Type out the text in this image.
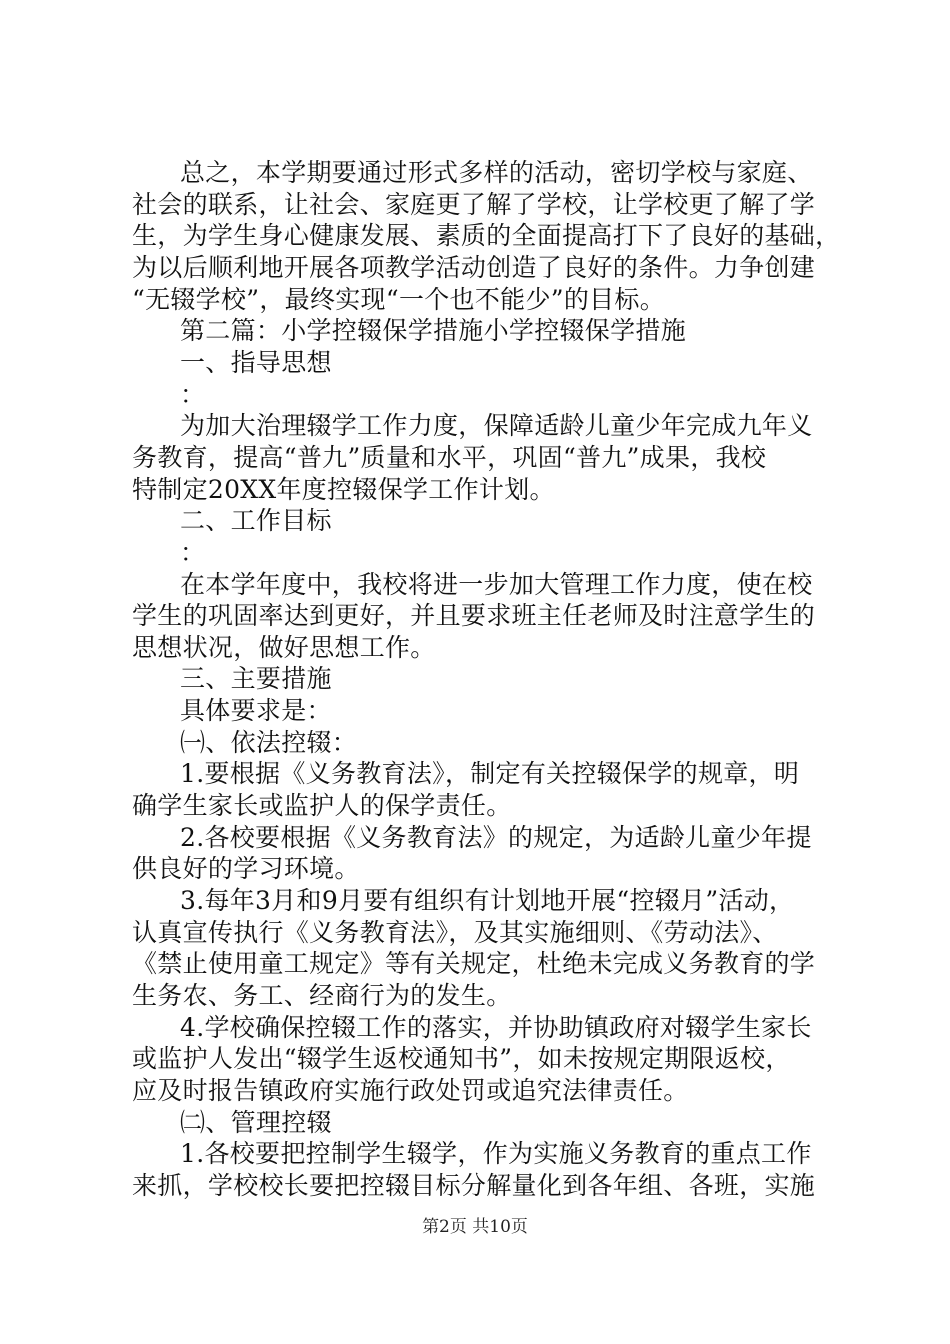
总之，本学期要通过形式多样的活动，密切学校与家庭、
社会的联系，让社会、家庭更了解了学校，让学校更了解了学
生，为学生身心健康发展、素质的全面提高打下了良好的基础，
为以后顺利地开展各项教学活动创造了良好的条件。力争创建
“无辍学校”，最终实现“一个也不能少”的目标。
第二篇：小学控辍保学措施小学控辍保学措施
一、指导思想
：
为加大治理辍学工作力度，保障适龄儿童少年完成九年义
务教育，提高“普九”质量和水平，巩固“普九”成果，我校
特制定20XX年度控辍保学工作计划。
二、工作目标
：
在本学年度中，我校将进一步加大管理工作力度，使在校
学生的巩固率达到更好，并且要求班主任老师及时注意学生的
思想状况，做好思想工作。
三、主要措施
具体要求是：
㈠、依法控辍：
1.要根据《义务教育法》，制定有关控辍保学的规章，明
确学生家长或监护人的保学责任。
2.各校要根据《义务教育法》的规定，为适龄儿童少年提
供良好的学习环境。
3.每年3月和9月要有组织有计划地开展“控辍月”活动，
认真宣传执行《义务教育法》，及其实施细则、《劳动法》、
《禁止使用童工规定》等有关规定，杜绝未完成义务教育的学
生务农、务工、经商行为的发生。
4.学校确保控辍工作的落实，并协助镇政府对辍学生家长
或监护人发出“辍学生返校通知书”，如未按规定期限返校，
应及时报告镇政府实施行政处罚或追究法律责任。
㈡、管理控辍
1.各校要把控制学生辍学，作为实施义务教育的重点工作
来抓，学校校长要把控辍目标分解量化到各年组、各班，实施
第2页 共10页
